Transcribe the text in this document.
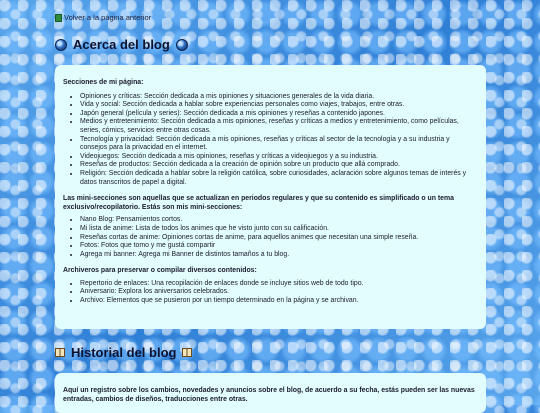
Volver a la página anterior
Acerca del blog

Secciones de mi página:

• Opiniones y críticas: Sección dedicada a mis opiniones y situaciones generales de la vida diaria.
• Vida y social: Sección dedicada a hablar sobre experiencias personales como viajes, trabajos, entre otras.
• Japón general (película y series): Sección dedicada a mis opiniones y reseñas a contenido japones.
• Medios y entretenimiento: Sección dedicada a mis opiniones, reseñas y críticas a medios y entretenimiento, como películas, series, cómics, servicios entre otras cosas.
• Tecnología y privacidad: Sección dedicada a mis opiniones, reseñas y críticas al sector de la tecnología y a su industria y consejos para la privacidad en el internet.
• Videojuegos: Sección dedicada a mis opiniones, reseñas y críticas a videojuegos y a su industria.
• Reseñas de productos: Sección dedicada a la creación de opinión sobre un producto que allá comprado.
• Religión: Sección dedicada a hablar sobre la religión católica, sobre curiosidades, aclaración sobre algunos temas de interés y datos transcritos de papel a digital.

Las mini-secciones son aquellas que se actualizan en periodos regulares y que su contenido es simplificado o un tema exclusivo/recopilatorio. Estás son mis mini-secciones:

• Nano Blog: Pensamientos cortos.
• Mi lista de anime: Lista de todos los animes que he visto junto con su calificación.
• Reseñas cortas de anime: Opiniones cortas de anime, para aquellos animes que necesitan una simple reseña.
• Fotos: Fotos que tomo y me gustá compartir
• Agrega mi banner: Agrega mi Banner de distintos tamaños a tu blog.

Archiveros para preservar o compilar diversos contenidos:

• Repertorio de enlaces: Una recopilación de enlaces donde se incluye sitios web de todo tipo.
• Aniversario: Explora los aniversarios celebrados.
• Archivo: Elementos que se pusieron por un tiempo determinado en la página y se archivan.
Historial del blog

Aquí un registro sobre los cambios, novedades y anuncios sobre el blog, de acuerdo a su fecha, estás pueden ser las nuevas entradas, cambios de diseños, traducciones entre otras.
